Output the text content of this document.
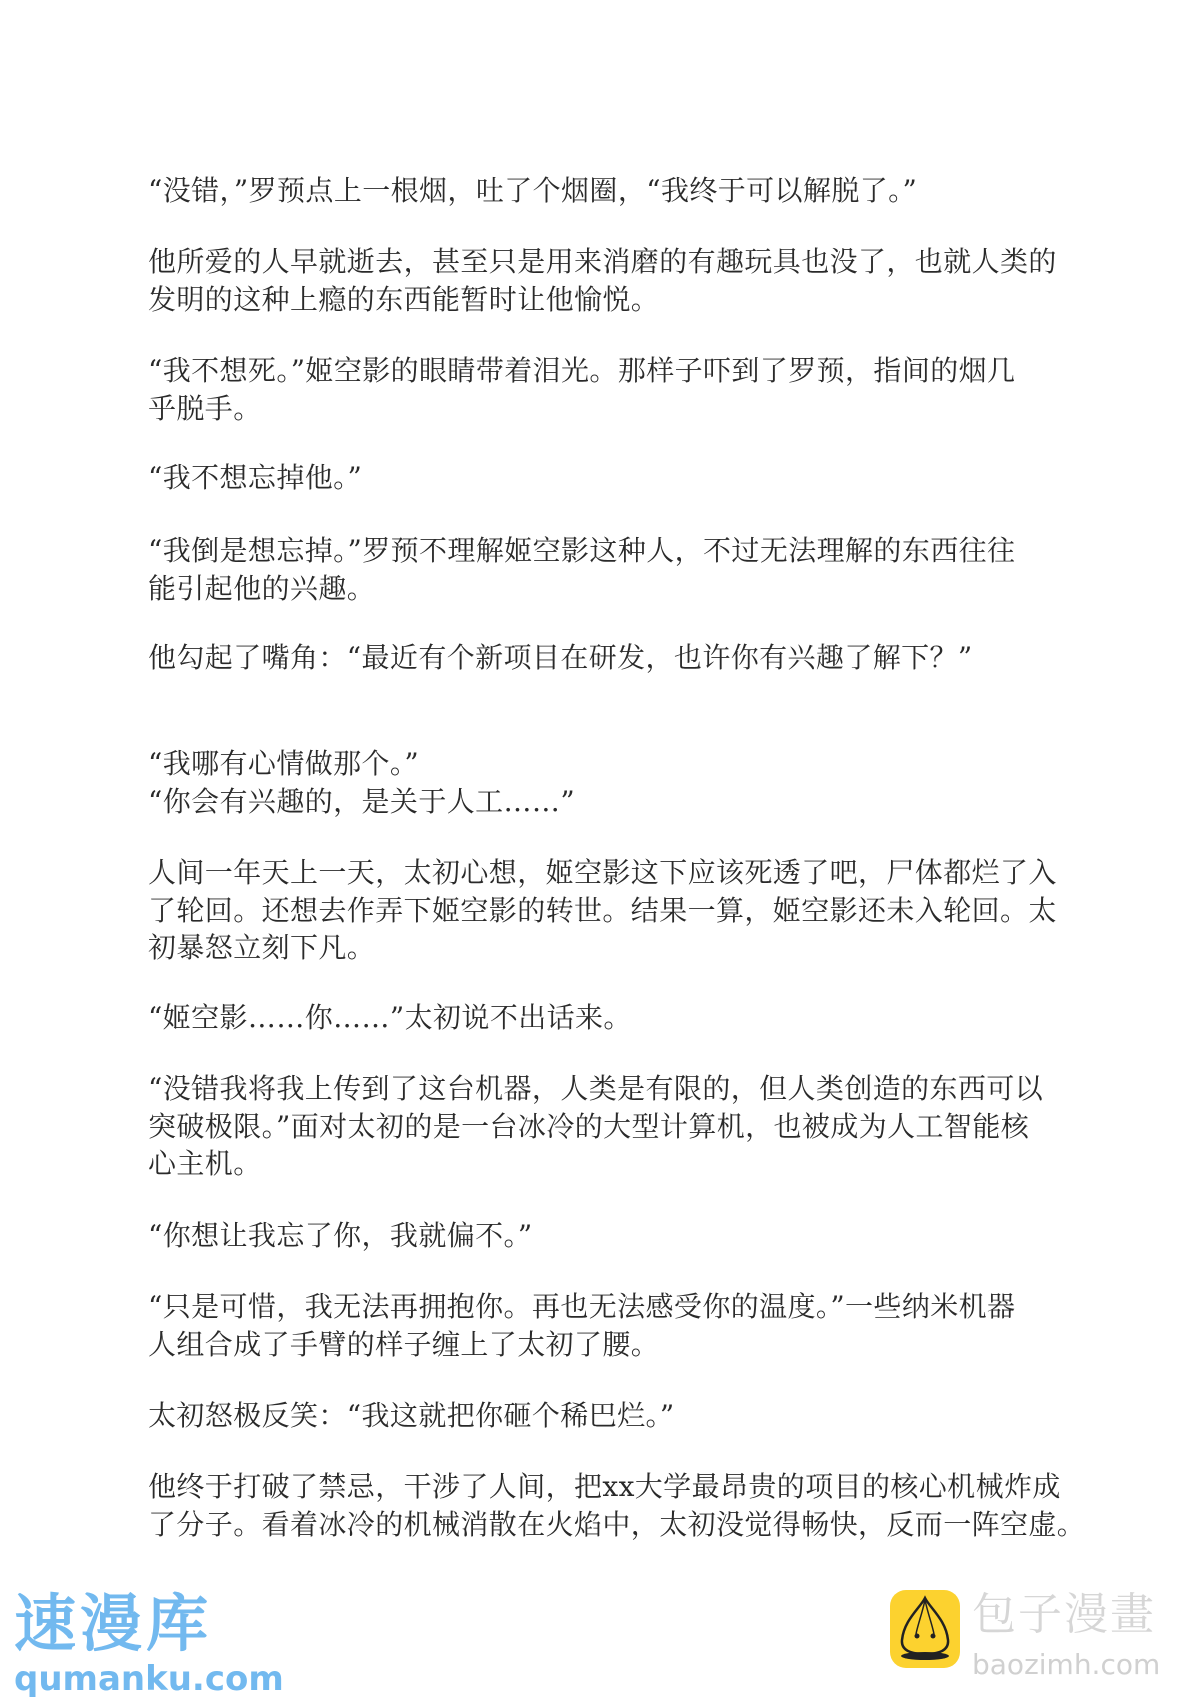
“没错，”罗预点上一根烟，吐了个烟圈，“我终于可以解脱了。”
他所爱的人早就逝去，甚至只是用来消磨的有趣玩具也没了，也就人类的
发明的这种上瘾的东西能暂时让他愉悦。
“我不想死。”姬空影的眼睛带着泪光。那样子吓到了罗预，指间的烟几
乎脱手。
“我不想忘掉他。”
“我倒是想忘掉。”罗预不理解姬空影这种人，不过无法理解的东西往往
能引起他的兴趣。
他勾起了嘴角：“最近有个新项目在研发，也许你有兴趣了解下？”
“我哪有心情做那个。”
“你会有兴趣的，是关于人工……”
人间一年天上一天，太初心想，姬空影这下应该死透了吧，尸体都烂了入
了轮回。还想去作弄下姬空影的转世。结果一算，姬空影还未入轮回。太
初暴怒立刻下凡。
“姬空影……你……”太初说不出话来。
“没错我将我上传到了这台机器，人类是有限的，但人类创造的东西可以
突破极限。”面对太初的是一台冰冷的大型计算机，也被成为人工智能核
心主机。
“你想让我忘了你，我就偏不。”
“只是可惜，我无法再拥抱你。再也无法感受你的温度。”一些纳米机器
人组合成了手臂的样子缠上了太初了腰。
太初怒极反笑：“我这就把你砸个稀巴烂。”
他终于打破了禁忌，干涉了人间，把xx大学最昂贵的项目的核心机械炸成
了分子。看着冰冷的机械消散在火焰中，太初没觉得畅快，反而一阵空虚。
速漫库
qumanku.com
包子漫畫
baozimh.com
